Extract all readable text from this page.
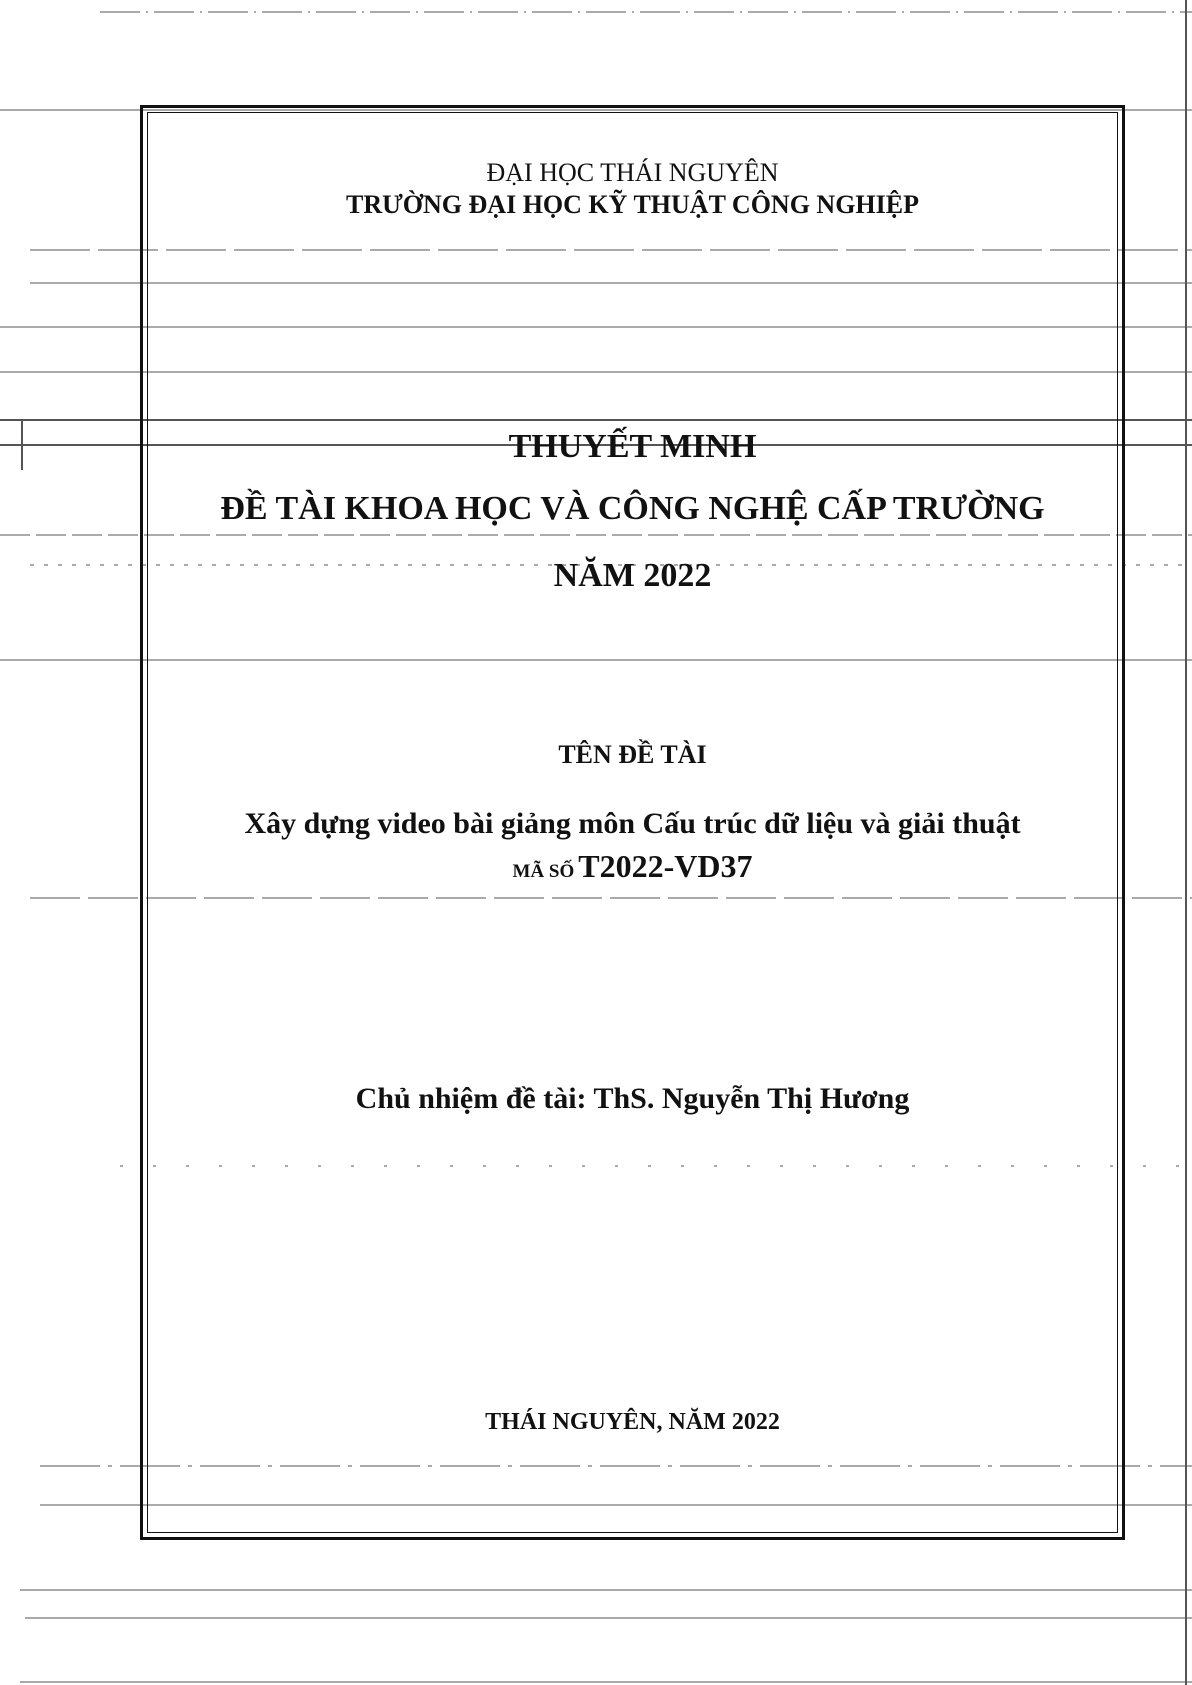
ĐẠI HỌC THÁI NGUYÊN

TRƯỜNG ĐẠI HỌC KỸ THUẬT CÔNG NGHIỆP

THUYẾT MINH

ĐỀ TÀI KHOA HỌC VÀ CÔNG NGHỆ CẤP TRƯỜNG

NĂM 2022

TÊN ĐỀ TÀI

Xây dựng video bài giảng môn Cấu trúc dữ liệu và giải thuật

MÃ SỐ T2022-VD37

Chủ nhiệm đề tài: ThS. Nguyễn Thị Hương

THÁI NGUYÊN, NĂM 2022
